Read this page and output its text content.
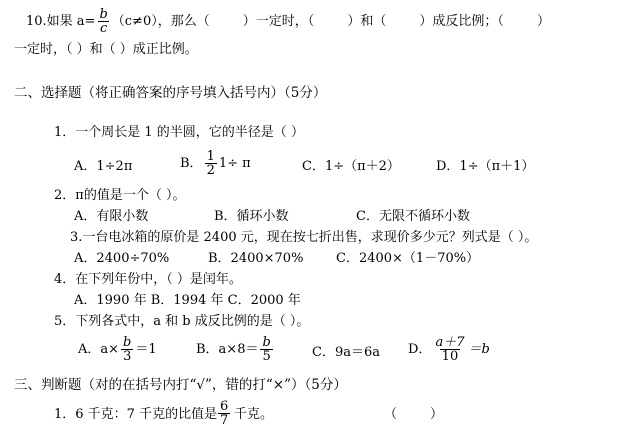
10.如果 $a= \frac{b}{c} (c\ne 0)$，那么（        ）一定时，（        ）和（        ）成反比例；（        ）
一定时，（ ）和（ ）成正比例。
二、选择题（将正确答案的序号填入括号内）（5分）
1．一个周长是 1 的半圆，它的半径是（ ）
A．1÷2π	B． $\frac{1}{2} 1\div \pi$	C．1÷（π＋2）	D．1÷（π＋1）
2．π的值是一个（ ）。
A．有限小数	B．循环小数	C．无限不循环小数
3.一台电冰箱的原价是 2400 元，现在按七折出售，求现价多少元？列式是（ ）。
A．2400÷70%	B．2400×70%	C．2400×（1－70%）
4．在下列年份中，（ ）是闰年。
A．1990 年 B．1994 年 C．2000 年
5．下列各式中，a 和 b 成反比例的是（ ）。
A．$a\times \frac{b}{3} =1$	B．$a\times 8= \frac{b}{5}$	C．9a＝6a D． $\frac{a+7}{10} =b$
三、判断题（对的在括号内打“√”，错的打“×”）（5分）
1．6 千克：7 千克的比值是 $\frac{6}{7}$ 千克。	（        ）
